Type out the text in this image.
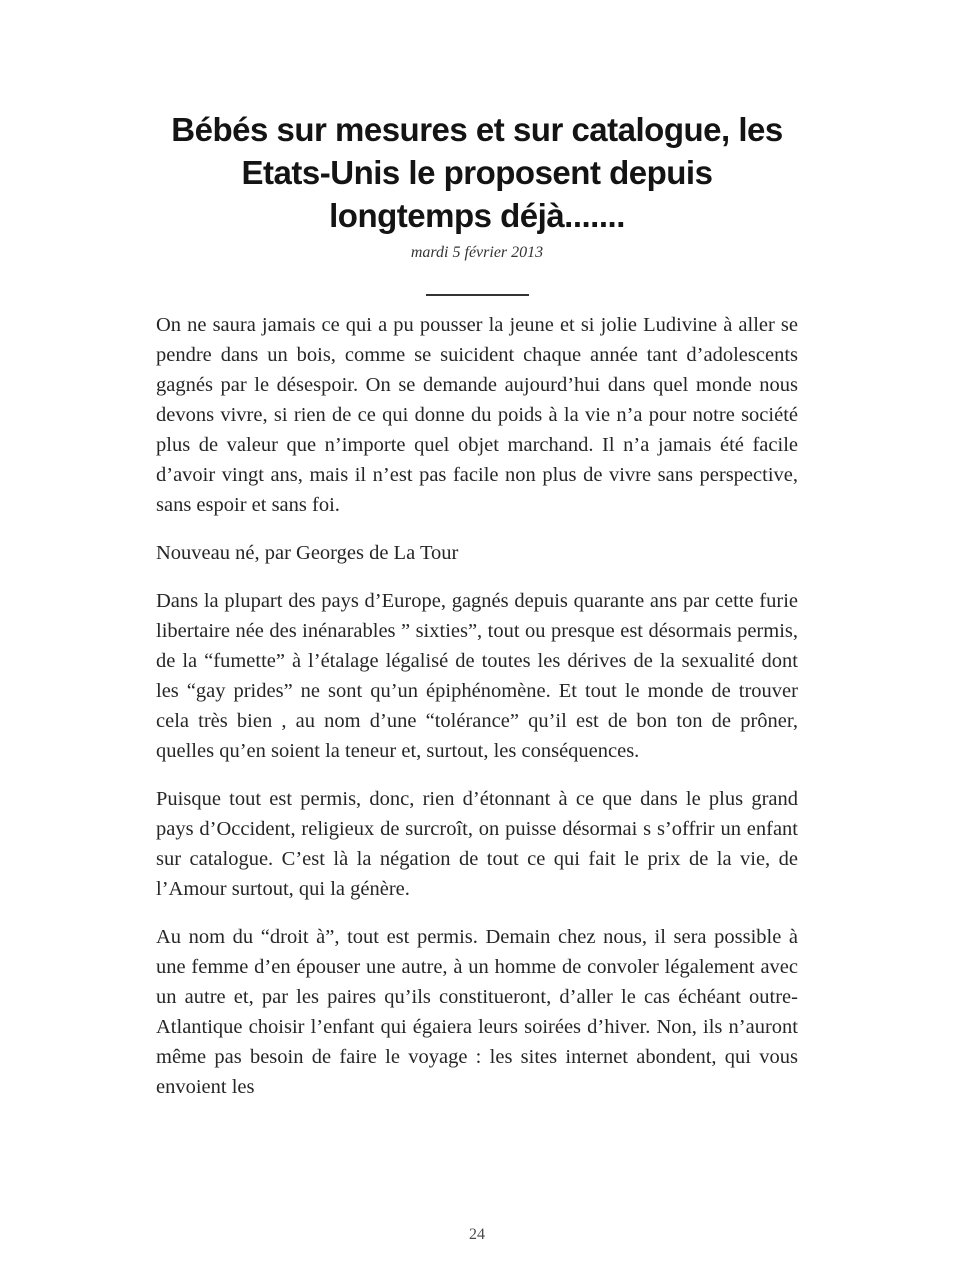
Bébés sur mesures et sur catalogue, les
Etats-Unis le proposent depuis
longtemps déjà.......
mardi 5 février 2013

On ne saura jamais ce qui a pu pousser la jeune et si jolie Ludivine à aller se pendre dans un bois, comme se suicident chaque année tant d’adolescents gagnés par le désespoir. On se demande aujourd’hui dans quel monde nous devons vivre, si rien de ce qui donne du poids à la vie n’a pour notre société plus de valeur que n’importe quel objet marchand. Il n’a jamais été facile d’avoir vingt ans, mais il n’est pas facile non plus de vivre sans perspective, sans espoir et sans foi.

Nouveau né, par Georges de La Tour

Dans la plupart des pays d’Europe, gagnés depuis quarante ans par cette furie libertaire née des inénarables ” sixties”, tout ou presque est désormais permis, de la “fumette” à l’étalage légalisé de toutes les dérives de la sexualité dont les “gay prides” ne sont qu’un épiphénomène. Et tout le monde de trouver cela très bien , au nom d’une “tolérance” qu’il est de bon ton de prôner, quelles qu’en soient la teneur et, surtout, les conséquences.

Puisque tout est permis, donc, rien d’étonnant à ce que dans le plus grand pays d’Occident, religieux de surcroît, on puisse désormai s s’offrir un enfant sur catalogue. C’est là la négation de tout ce qui fait le prix de la vie, de l’Amour surtout, qui la génère.

Au nom du “droit à”, tout est permis. Demain chez nous, il sera possible à une femme d’en épouser une autre, à un homme de convoler légalement avec un autre et, par les paires qu’ils constitueront, d’aller le cas échéant outre-Atlantique choisir l’enfant qui égaiera leurs soirées d’hiver. Non, ils n’auront même pas besoin de faire le voyage : les sites internet abondent, qui vous envoient les

24
